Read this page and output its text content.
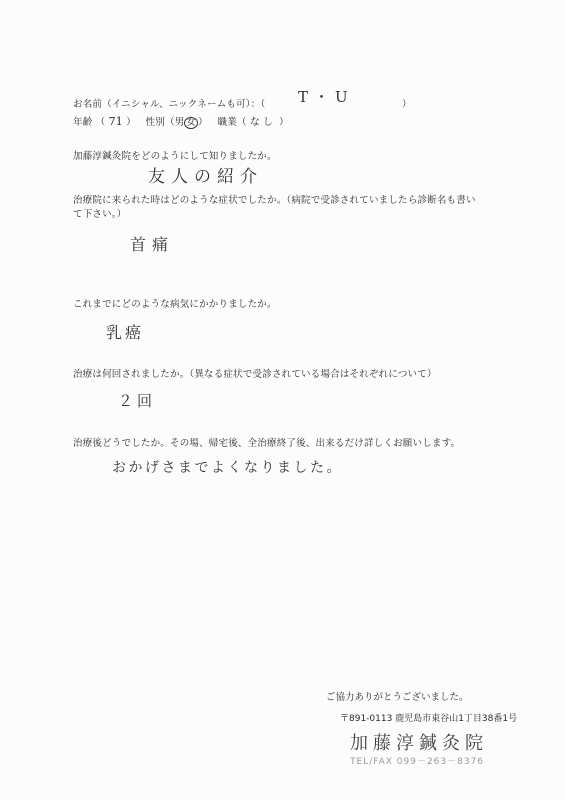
お名前（イニシャル、ニックネームも可）：（ T・U	）
年齢 （ 71 ） 性別（男 女 ） 職業（ なし ）
加藤淳鍼灸院をどのようにして知りましたか。
友人の紹介
治療院に来られた時はどのような症状でしたか。（病院で受診されていましたら診断名も書いて下さい。）
首痛
これまでにどのような病気にかかりましたか。
乳癌
治療は何回されましたか。（異なる症状で受診されている場合はそれぞれについて）
２回
治療後どうでしたか。その場、帰宅後、全治療終了後、出来るだけ詳しくお願いします。
おかげさまでよくなりました。
ご協力ありがとうございました。
〒891-0113 鹿児島市東谷山1丁目38番1号
加藤淳鍼灸院
TEL/FAX 099－263－8376
